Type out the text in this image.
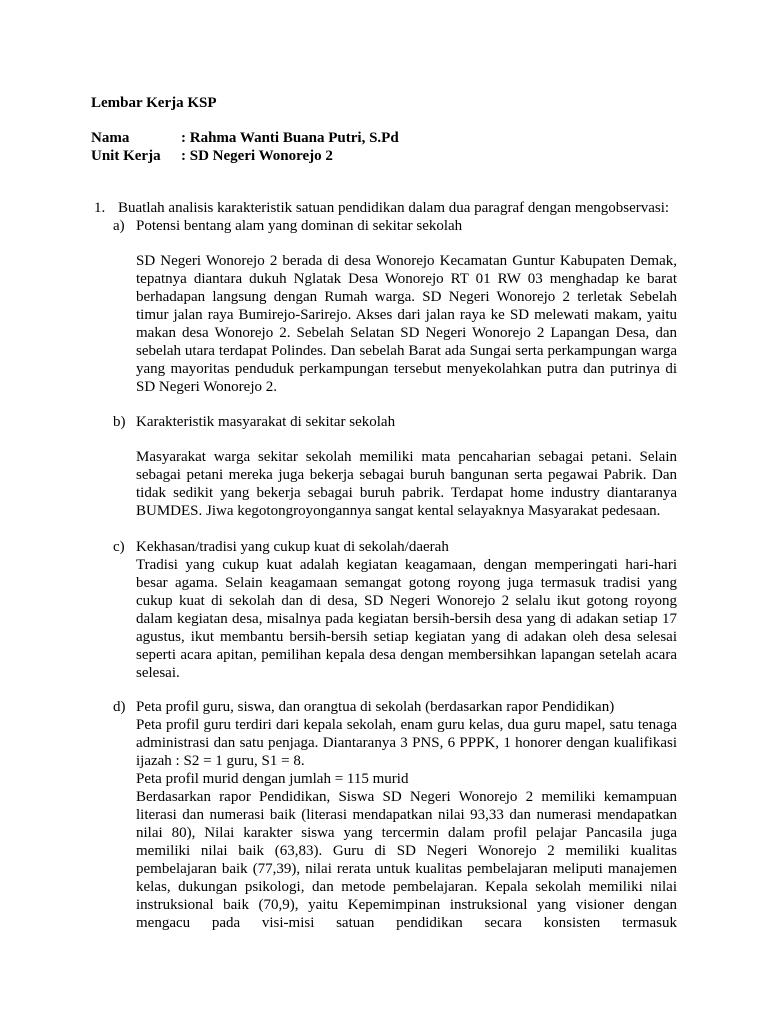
Lembar Kerja KSP
Nama	: Rahma Wanti Buana Putri, S.Pd
Unit Kerja : SD Negeri Wonorejo 2
1. Buatlah analisis karakteristik satuan pendidikan dalam dua paragraf dengan mengobservasi:
a) Potensi bentang alam yang dominan di sekitar sekolah

SD Negeri Wonorejo 2 berada di desa Wonorejo Kecamatan Guntur Kabupaten Demak, tepatnya diantara dukuh Nglatak Desa Wonorejo RT 01 RW 03 menghadap ke barat berhadapan langsung dengan Rumah warga. SD Negeri Wonorejo 2 terletak Sebelah timur jalan raya Bumirejo-Sarirejo. Akses dari jalan raya ke SD melewati makam, yaitu makan desa Wonorejo 2. Sebelah Selatan SD Negeri Wonorejo 2 Lapangan Desa, dan sebelah utara terdapat Polindes. Dan sebelah Barat ada Sungai serta perkampungan warga yang mayoritas penduduk perkampungan tersebut menyekolahkan putra dan putrinya di SD Negeri Wonorejo 2.

b) Karakteristik masyarakat di sekitar sekolah

Masyarakat warga sekitar sekolah memiliki mata pencaharian sebagai petani. Selain sebagai petani mereka juga bekerja sebagai buruh bangunan serta pegawai Pabrik. Dan tidak sedikit yang bekerja sebagai buruh pabrik. Terdapat home industry diantaranya BUMDES. Jiwa kegotongroyongannya sangat kental selayaknya Masyarakat pedesaan.

c) Kekhasan/tradisi yang cukup kuat di sekolah/daerah

Tradisi yang cukup kuat adalah kegiatan keagamaan, dengan memperingati hari-hari besar agama. Selain keagamaan semangat gotong royong juga termasuk tradisi yang cukup kuat di sekolah dan di desa, SD Negeri Wonorejo 2 selalu ikut gotong royong dalam kegiatan desa, misalnya pada kegiatan bersih-bersih desa yang di adakan setiap 17 agustus, ikut membantu bersih-bersih setiap kegiatan yang di adakan oleh desa selesai seperti acara apitan, pemilihan kepala desa dengan membersihkan lapangan setelah acara selesai.

d) Peta profil guru, siswa, dan orangtua di sekolah (berdasarkan rapor Pendidikan)

Peta profil guru terdiri dari kepala sekolah, enam guru kelas, dua guru mapel, satu tenaga administrasi dan satu penjaga. Diantaranya 3 PNS, 6 PPPK, 1 honorer dengan kualifikasi ijazah : S2 = 1 guru, S1 = 8.

Peta profil murid dengan jumlah = 115 murid

Berdasarkan rapor Pendidikan, Siswa SD Negeri Wonorejo 2 memiliki kemampuan literasi dan numerasi baik (literasi mendapatkan nilai 93,33 dan numerasi mendapatkan nilai 80), Nilai karakter siswa yang tercermin dalam profil pelajar Pancasila juga memiliki nilai baik (63,83). Guru di SD Negeri Wonorejo 2 memiliki kualitas pembelajaran baik (77,39), nilai rerata untuk kualitas pembelajaran meliputi manajemen kelas, dukungan psikologi, dan metode pembelajaran. Kepala sekolah memiliki nilai instruksional baik (70,9), yaitu Kepemimpinan instruksional yang visioner dengan mengacu pada visi-misi satuan pendidikan secara konsisten termasuk
